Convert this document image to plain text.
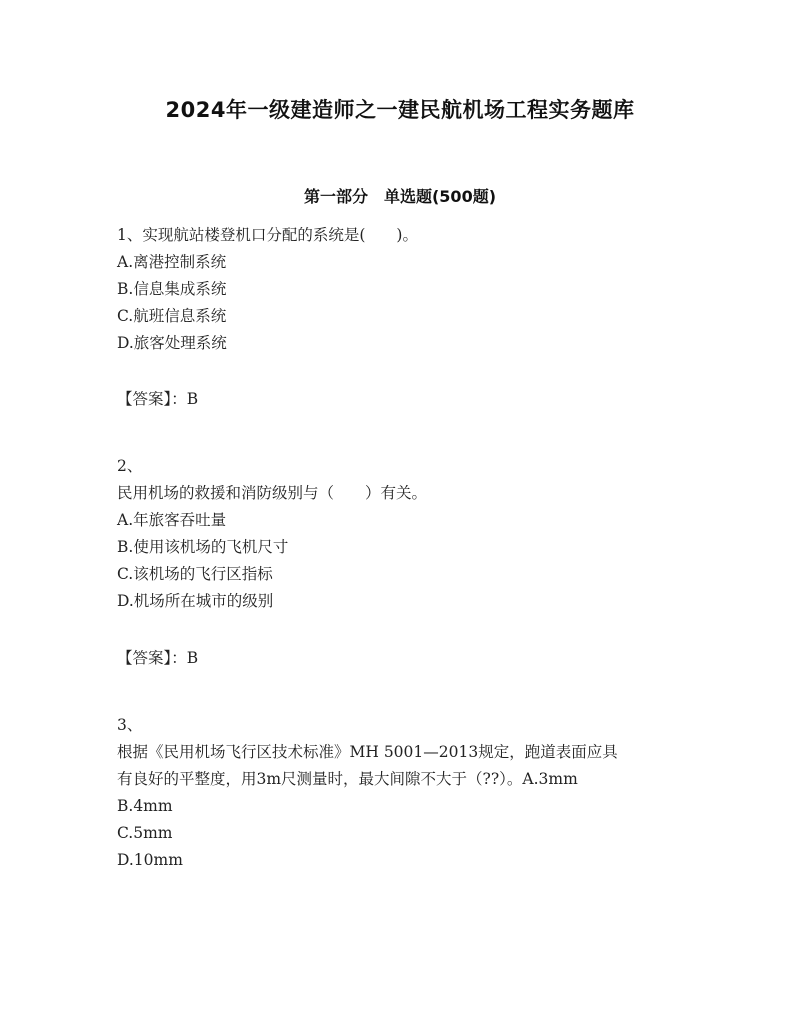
2024年一级建造师之一建民航机场工程实务题库
第一部分　单选题(500题)
1、实现航站楼登机口分配的系统是(　　)。
A.离港控制系统
B.信息集成系统
C.航班信息系统
D.旅客处理系统
【答案】：B
2、
民用机场的救援和消防级别与（　　）有关。
A.年旅客吞吐量
B.使用该机场的飞机尺寸
C.该机场的飞行区指标
D.机场所在城市的级别
【答案】：B
3、
根据《民用机场飞行区技术标准》MH 5001—2013规定，跑道表面应具
有良好的平整度，用3m尺测量时，最大间隙不大于（??）。A.3mm
B.4mm
C.5mm
D.10mm
